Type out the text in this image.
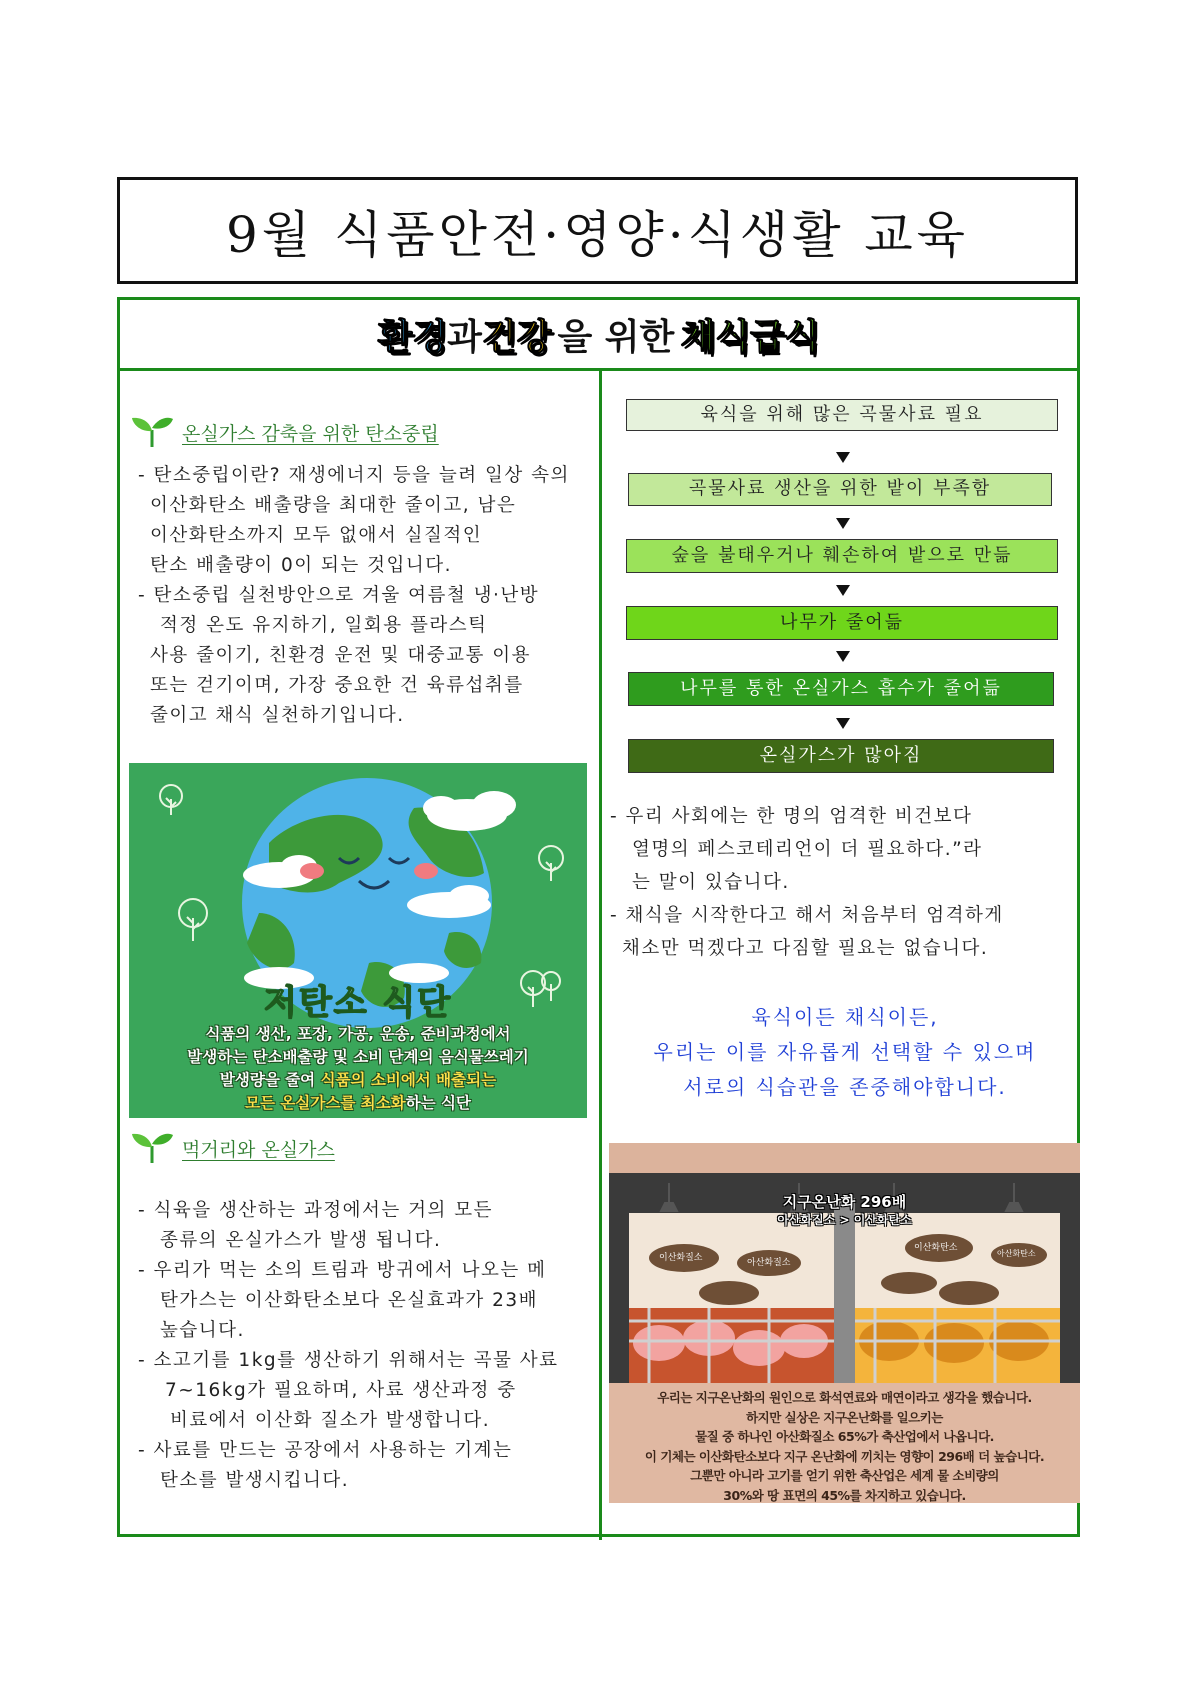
9월 식품안전·영양·식생활 교육
환경 과 건강 을 위한 채식급식
온실가스 감축을 위한 탄소중립

- 탄소중립이란? 재생에너지 등을 늘려 일상 속의

이산화탄소 배출량을 최대한 줄이고, 남은

이산화탄소까지 모두 없애서 실질적인

탄소 배출량이 0이 되는 것입니다.

- 탄소중립 실천방안으로 겨울 여름철 냉·난방

적정 온도 유지하기, 일회용 플라스틱

사용 줄이기, 친환경 운전 및 대중교통 이용

또는 걷기이며, 가장 중요한 건 육류섭취를

줄이고 채식 실천하기입니다.

저탄소 식단
식품의 생산, 포장, 가공, 운송, 준비과정에서
발생하는 탄소배출량 및 소비 단계의 음식물쓰레기
발생량을 줄여 식품의 소비에서 배출되는
모든 온실가스를 최소화하는 식단
먹거리와 온실가스

- 식육을 생산하는 과정에서는 거의 모든

종류의 온실가스가 발생 됩니다.

- 우리가 먹는 소의 트림과 방귀에서 나오는 메

탄가스는 이산화탄소보다 온실효과가 23배

높습니다.

- 소고기를 1kg를 생산하기 위해서는 곡물 사료

7~16kg가 필요하며, 사료 생산과정 중

비료에서 이산화 질소가 발생합니다.

- 사료를 만드는 공장에서 사용하는 기계는

탄소를 발생시킵니다.

육식을 위해 많은 곡물사료 필요
곡물사료 생산을 위한 밭이 부족함
숲을 불태우거나 훼손하여 밭으로 만듦
나무가 줄어듦
나무를 통한 온실가스 흡수가 줄어듦
온실가스가 많아짐

- 우리 사회에는 한 명의 엄격한 비건보다

열명의 페스코테리언이 더 필요하다.”라

는 말이 있습니다.

- 채식을 시작한다고 해서 처음부터 엄격하게

채소만 먹겠다고 다짐할 필요는 없습니다.

육식이든 채식이든,
우리는 이를 자유롭게 선택할 수 있으며
서로의 식습관을 존중해야합니다.
지구온난화 296배
아산화질소 > 이산화탄소
이산화질소	아산화질소
이산화탄소
아산화탄소
우리는 지구온난화의 원인으로 화석연료와 매연이라고 생각을 했습니다.
하지만 실상은 지구온난화를 일으키는
물질 중 하나인 아산화질소 65%가 축산업에서 나옵니다.
이 기체는 이산화탄소보다 지구 온난화에 끼치는 영향이 296배 더 높습니다.
그뿐만 아니라 고기를 얻기 위한 축산업은 세계 물 소비량의
30%와 땅 표면의 45%를 차지하고 있습니다.
